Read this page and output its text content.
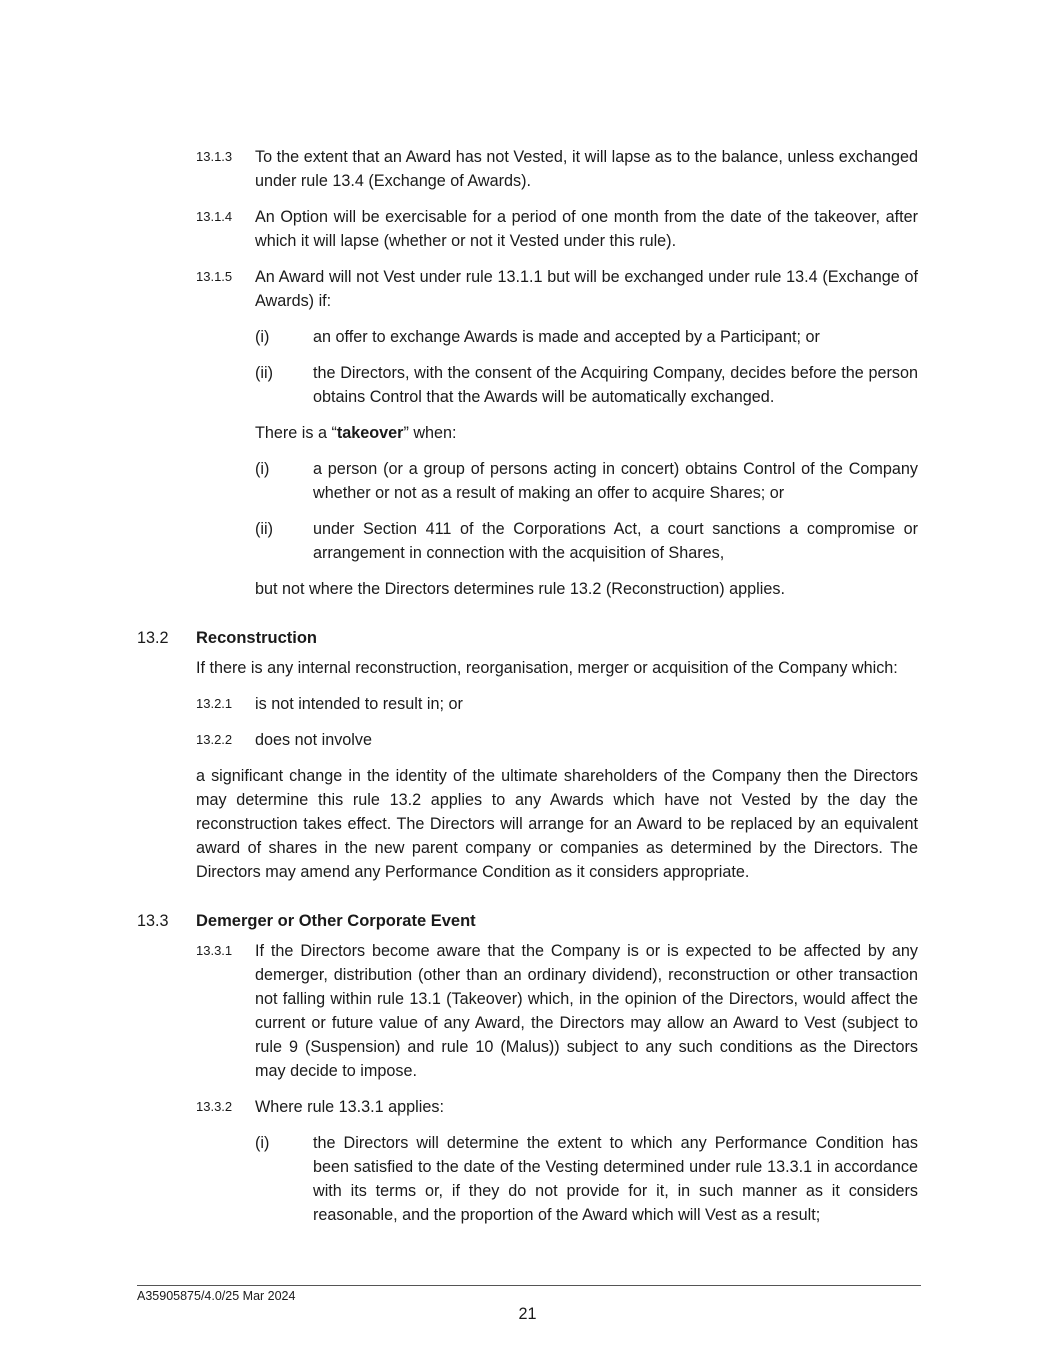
13.1.3 To the extent that an Award has not Vested, it will lapse as to the balance, unless exchanged under rule 13.4 (Exchange of Awards).
13.1.4 An Option will be exercisable for a period of one month from the date of the takeover, after which it will lapse (whether or not it Vested under this rule).
13.1.5 An Award will not Vest under rule 13.1.1 but will be exchanged under rule 13.4 (Exchange of Awards) if:
(i)	an offer to exchange Awards is made and accepted by a Participant; or
(ii) the Directors, with the consent of the Acquiring Company, decides before the person obtains Control that the Awards will be automatically exchanged.
There is a “takeover” when:
(i)	a person (or a group of persons acting in concert) obtains Control of the Company whether or not as a result of making an offer to acquire Shares; or
(ii) under Section 411 of the Corporations Act, a court sanctions a compromise or arrangement in connection with the acquisition of Shares,
but not where the Directors determines rule 13.2 (Reconstruction) applies.
13.2 Reconstruction
If there is any internal reconstruction, reorganisation, merger or acquisition of the Company which:
13.2.1 is not intended to result in; or
13.2.2 does not involve
a significant change in the identity of the ultimate shareholders of the Company then the Directors may determine this rule 13.2 applies to any Awards which have not Vested by the day the reconstruction takes effect. The Directors will arrange for an Award to be replaced by an equivalent award of shares in the new parent company or companies as determined by the Directors. The Directors may amend any Performance Condition as it considers appropriate.
13.3 Demerger or Other Corporate Event
13.3.1 If the Directors become aware that the Company is or is expected to be affected by any demerger, distribution (other than an ordinary dividend), reconstruction or other transaction not falling within rule 13.1 (Takeover) which, in the opinion of the Directors, would affect the current or future value of any Award, the Directors may allow an Award to Vest (subject to rule 9 (Suspension) and rule 10 (Malus)) subject to any such conditions as the Directors may decide to impose.
13.3.2 Where rule 13.3.1 applies:
(i)	the Directors will determine the extent to which any Performance Condition has been satisfied to the date of the Vesting determined under rule 13.3.1 in accordance with its terms or, if they do not provide for it, in such manner as it considers reasonable, and the proportion of the Award which will Vest as a result;
A35905875/4.0/25 Mar 2024
21
